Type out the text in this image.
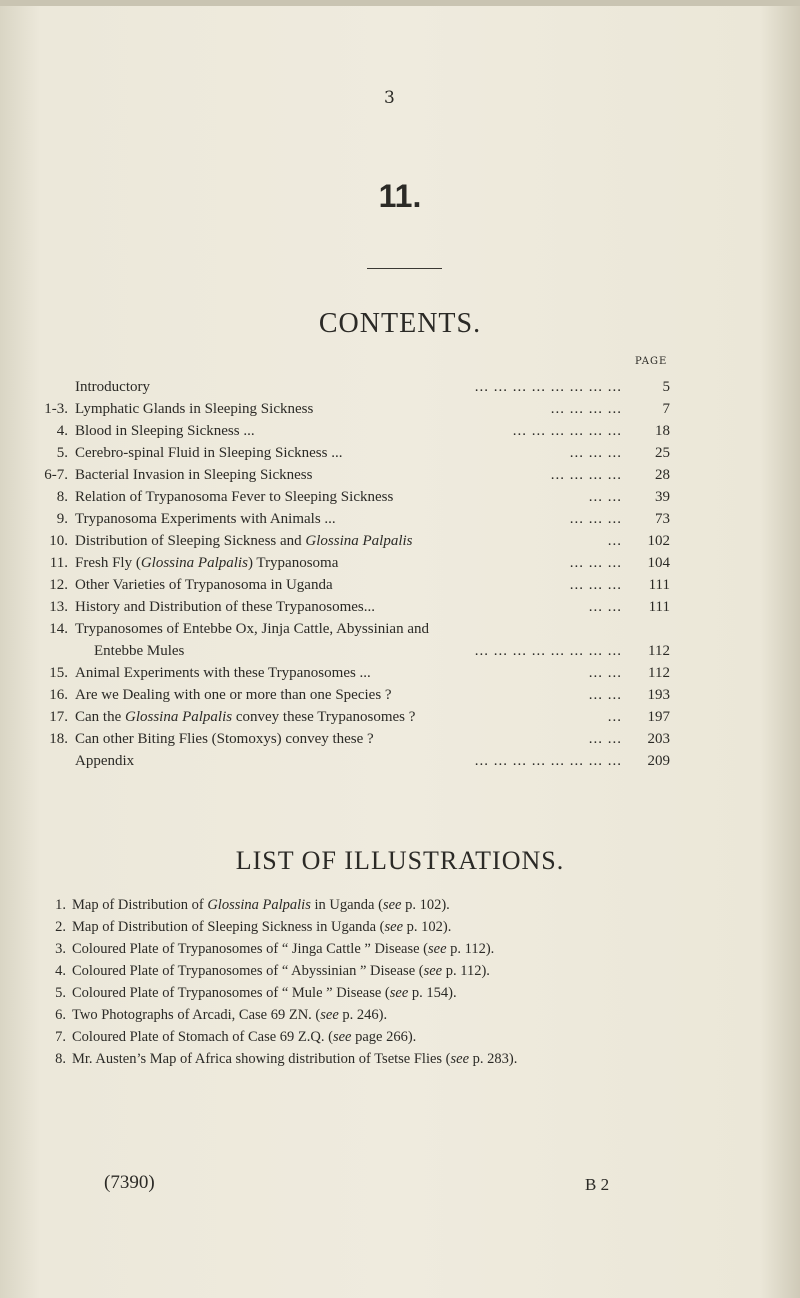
3
11.
CONTENTS.
PAGE
Introductory	... ... ... ... ... ... ... ...	5
1-3. Lymphatic Glands in Sleeping Sickness	... ... ... ...	7
4. Blood in Sleeping Sickness ...	... ... ... ... ... ...	18
5. Cerebro-spinal Fluid in Sleeping Sickness ...	... ... ...	25
6-7. Bacterial Invasion in Sleeping Sickness	... ... ... ...	28
8. Relation of Trypanosoma Fever to Sleeping Sickness	... ...	39
9. Trypanosoma Experiments with Animals ...	... ... ...	73
10. Distribution of Sleeping Sickness and Glossina Palpalis	...	102
11. Fresh Fly (Glossina Palpalis) Trypanosoma	... ... ...	104
12. Other Varieties of Trypanosoma in Uganda	... ... ...	111
13. History and Distribution of these Trypanosomes...	... ...	111
14. Trypanosomes of Entebbe Ox, Jinja Cattle, Abyssinian and
Entebbe Mules	... ... ... ... ... ... ... ...	112
15. Animal Experiments with these Trypanosomes ...	... ...	112
16. Are we Dealing with one or more than one Species ?	... ...	193
17. Can the Glossina Palpalis convey these Trypanosomes ?	...	197
18. Can other Biting Flies (Stomoxys) convey these ?	... ...	203
Appendix	... ... ... ... ... ... ... ...	209
LIST OF ILLUSTRATIONS.
1. Map of Distribution of Glossina Palpalis in Uganda (see p. 102).
2. Map of Distribution of Sleeping Sickness in Uganda (see p. 102).
3. Coloured Plate of Trypanosomes of “ Jinga Cattle ” Disease (see p. 112).
4. Coloured Plate of Trypanosomes of “ Abyssinian ” Disease (see p. 112).
5. Coloured Plate of Trypanosomes of “ Mule ” Disease (see p. 154).
6. Two Photographs of Arcadi, Case 69 ZN. (see p. 246).
7. Coloured Plate of Stomach of Case 69 Z.Q. (see page 266).
8. Mr. Austen’s Map of Africa showing distribution of Tsetse Flies (see p. 283).
(7390)	B 2
